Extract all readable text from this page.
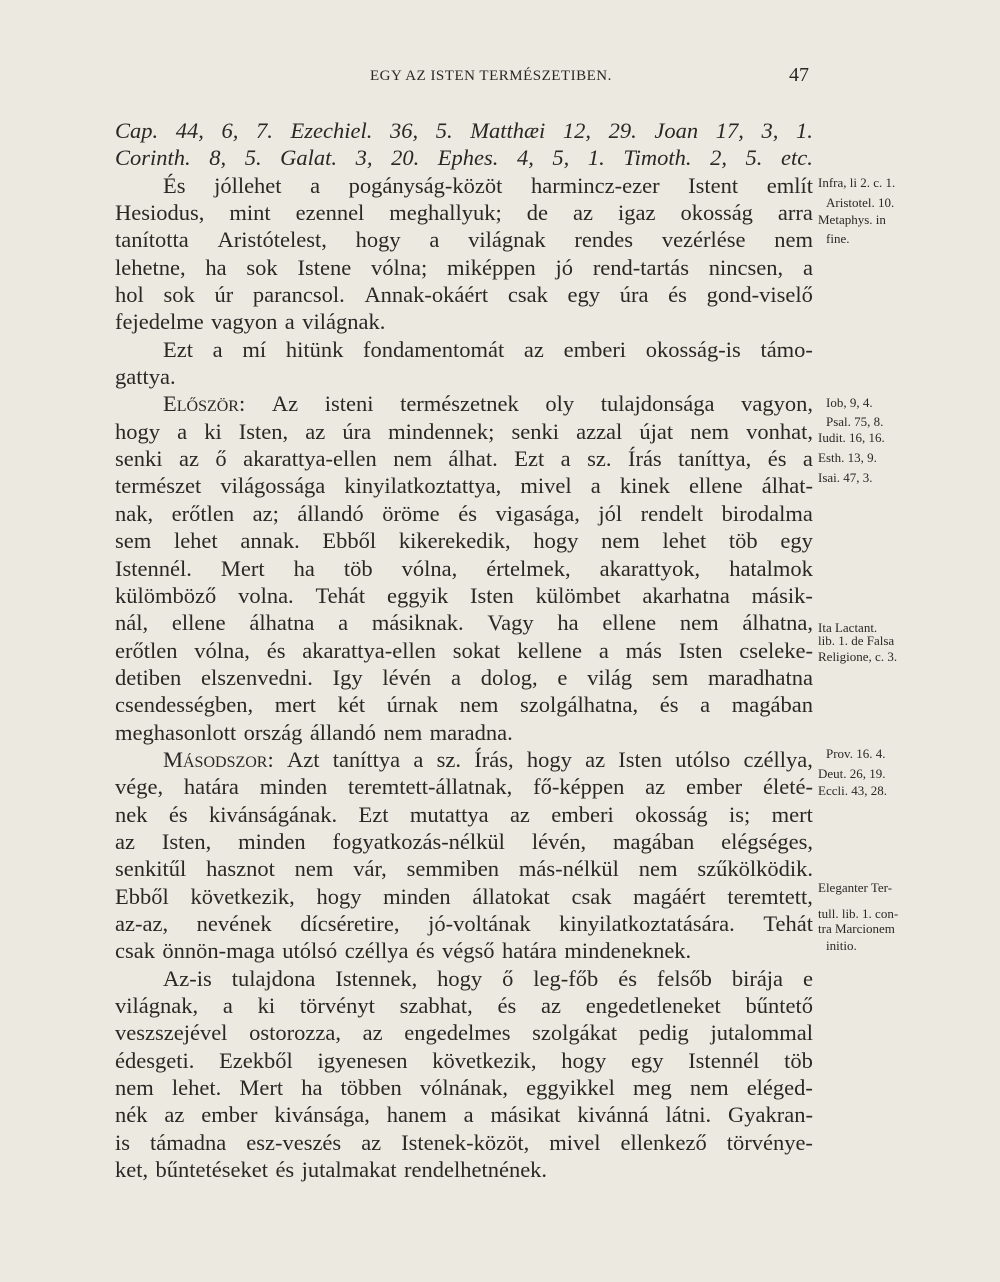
EGY AZ ISTEN TERMÉSZETIBEN.	47
Cap. 44, 6, 7. Ezechiel. 36, 5. Matthæi 12, 29. Joan 17, 3, 1.
Corinth. 8, 5. Galat. 3, 20. Ephes. 4, 5, 1. Timoth. 2, 5. etc.
És jóllehet a pogányság-közöt harmincz-ezer Istent említ
Hesiodus, mint ezennel meghallyuk; de az igaz okosság arra
tanította Aristótelest, hogy a világnak rendes vezérlése nem
lehetne, ha sok Istene vólna; miképpen jó rend-tartás nincsen, a
hol sok úr parancsol. Annak-okáért csak egy úra és gond-viselő
fejedelme vagyon a világnak.
Ezt a mí hitünk fondamentomát az emberi okosság-is támo-
gattya.
Először: Az isteni természetnek oly tulajdonsága vagyon,
hogy a ki Isten, az úra mindennek; senki azzal újat nem vonhat,
senki az ő akarattya-ellen nem álhat. Ezt a sz. Írás taníttya, és a
természet világossága kinyilatkoztattya, mivel a kinek ellene álhat-
nak, erőtlen az; állandó öröme és vigasága, jól rendelt birodalma
sem lehet annak. Ebből kikerekedik, hogy nem lehet töb egy
Istennél. Mert ha töb vólna, értelmek, akarattyok, hatalmok
külömböző volna. Tehát eggyik Isten külömbet akarhatna másik-
nál, ellene álhatna a másiknak. Vagy ha ellene nem álhatna,
erőtlen vólna, és akarattya-ellen sokat kellene a más Isten cseleke-
detiben elszenvedni. Igy lévén a dolog, e világ sem maradhatna
csendességben, mert két úrnak nem szolgálhatna, és a magában
meghasonlott ország állandó nem maradna.
Másodszor: Azt taníttya a sz. Írás, hogy az Isten utólso czéllya,
vége, határa minden teremtett-állatnak, fő-képpen az ember életé-
nek és kivánságának. Ezt mutattya az emberi okosság is; mert
az Isten, minden fogyatkozás-nélkül lévén, magában elégséges,
senkitűl hasznot nem vár, semmiben más-nélkül nem szűkölködik.
Ebből következik, hogy minden állatokat csak magáért teremtett,
az-az, nevének dícséretire, jó-voltának kinyilatkoztatására. Tehát
csak önnön-maga utólsó czéllya és végső határa mindeneknek.
Az-is tulajdona Istennek, hogy ő leg-főb és felsőb birája e
világnak, a ki törvényt szabhat, és az engedetleneket bűntető
veszszejével ostorozza, az engedelmes szolgákat pedig jutalommal
édesgeti. Ezekből igyenesen következik, hogy egy Istennél töb
nem lehet. Mert ha többen vólnának, eggyikkel meg nem eléged-
nék az ember kivánsága, hanem a másikat kivánná látni. Gyakran-
is támadna esz-veszés az Istenek-közöt, mivel ellenkező törvénye-
ket, bűntetéseket és jutalmakat rendelhetnének.
Infra, li 2. c. 1.
Aristotel. 10.
Metaphys. in
fine.
Iob, 9, 4.
Psal. 75, 8.
Iudit. 16, 16.
Esth. 13, 9.
Isai. 47, 3.
Ita Lactant.
lib. 1. de Falsa
Religione, c. 3.
Prov. 16. 4.
Deut. 26, 19.
Eccli. 43, 28.
Eleganter Ter-
tull. lib. 1. con-
tra Marcionem
initio.
